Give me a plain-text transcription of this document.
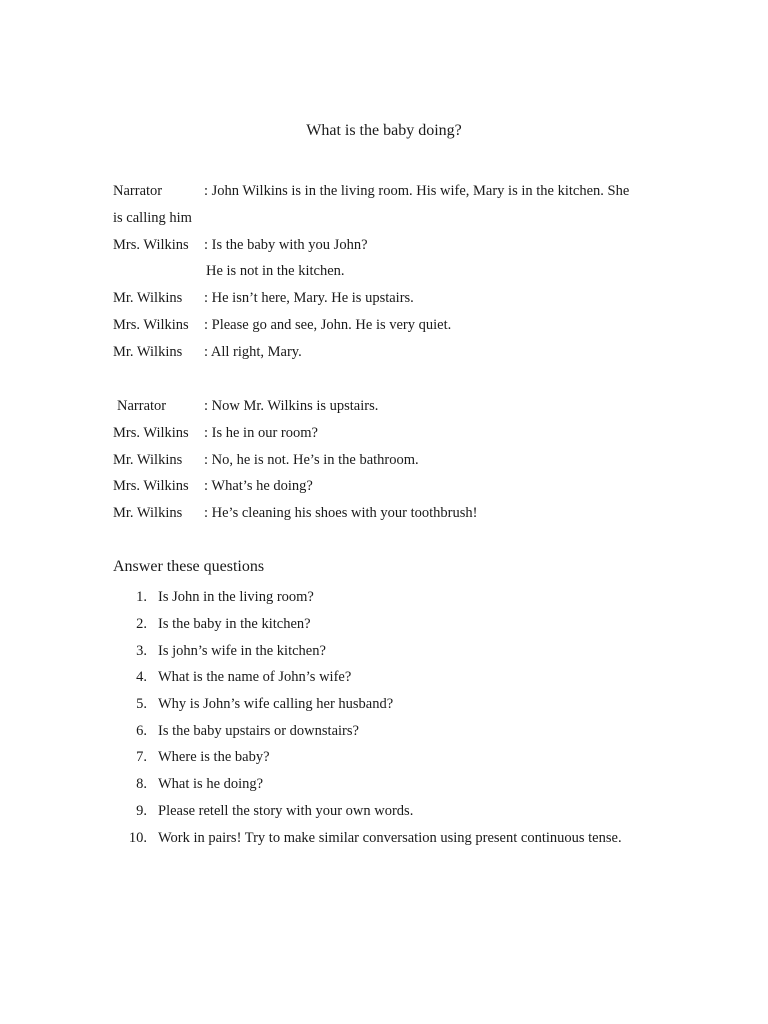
What is the baby doing?
Narrator	: John Wilkins is in the living room. His wife, Mary is in the kitchen. She
is calling him
Mrs. Wilkins : Is the baby with you John?
He is not in the kitchen.
Mr. Wilkins : He isn’t here, Mary. He is upstairs.
Mrs. Wilkins : Please go and see, John. He is very quiet.
Mr. Wilkins : All right, Mary.
Narrator	: Now Mr. Wilkins is upstairs.
Mrs. Wilkins : Is he in our room?
Mr. Wilkins : No, he is not. He’s in the bathroom.
Mrs. Wilkins : What’s he doing?
Mr. Wilkins : He’s cleaning his shoes with your toothbrush!
Answer these questions
1. Is John in the living room?
2. Is the baby in the kitchen?
3. Is john’s wife in the kitchen?
4. What is the name of John’s wife?
5. Why is John’s wife calling her husband?
6. Is the baby upstairs or downstairs?
7. Where is the baby?
8. What is he doing?
9. Please retell the story with your own words.
10. Work in pairs! Try to make similar conversation using present continuous tense.
